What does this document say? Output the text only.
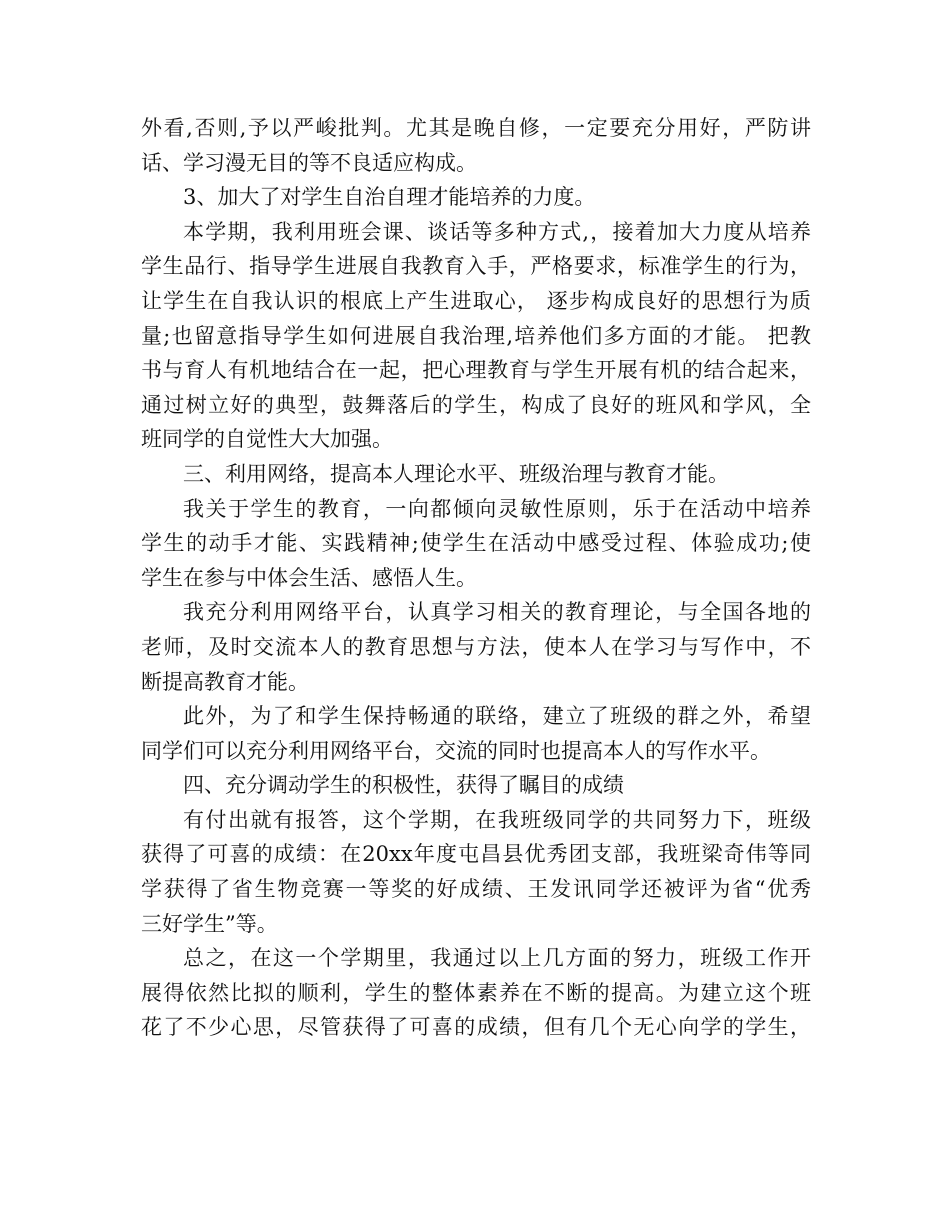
外看,否则,予以严峻批判。尤其是晚自修，一定要充分用好，严防讲
话、学习漫无目的等不良适应构成。
3、加大了对学生自治自理才能培养的力度。
本学期，我利用班会课、谈话等多种方式,，接着加大力度从培养
学生品行、指导学生进展自我教育入手，严格要求，标准学生的行为，
让学生在自我认识的根底上产生进取心， 逐步构成良好的思想行为质
量;也留意指导学生如何进展自我治理,培养他们多方面的才能。 把教
书与育人有机地结合在一起，把心理教育与学生开展有机的结合起来，
通过树立好的典型，鼓舞落后的学生，构成了良好的班风和学风，全
班同学的自觉性大大加强。
三、利用网络，提高本人理论水平、班级治理与教育才能。
我关于学生的教育，一向都倾向灵敏性原则，乐于在活动中培养
学生的动手才能、实践精神;使学生在活动中感受过程、体验成功;使
学生在参与中体会生活、感悟人生。
我充分利用网络平台，认真学习相关的教育理论，与全国各地的
老师，及时交流本人的教育思想与方法，使本人在学习与写作中，不
断提高教育才能。
此外，为了和学生保持畅通的联络，建立了班级的群之外，希望
同学们可以充分利用网络平台，交流的同时也提高本人的写作水平。
四、充分调动学生的积极性，获得了瞩目的成绩
有付出就有报答，这个学期，在我班级同学的共同努力下，班级
获得了可喜的成绩：在20xx年度屯昌县优秀团支部，我班梁奇伟等同
学获得了省生物竞赛一等奖的好成绩、王发讯同学还被评为省“优秀
三好学生”等。
总之，在这一个学期里，我通过以上几方面的努力，班级工作开
展得依然比拟的顺利，学生的整体素养在不断的提高。为建立这个班
花了不少心思，尽管获得了可喜的成绩，但有几个无心向学的学生，
